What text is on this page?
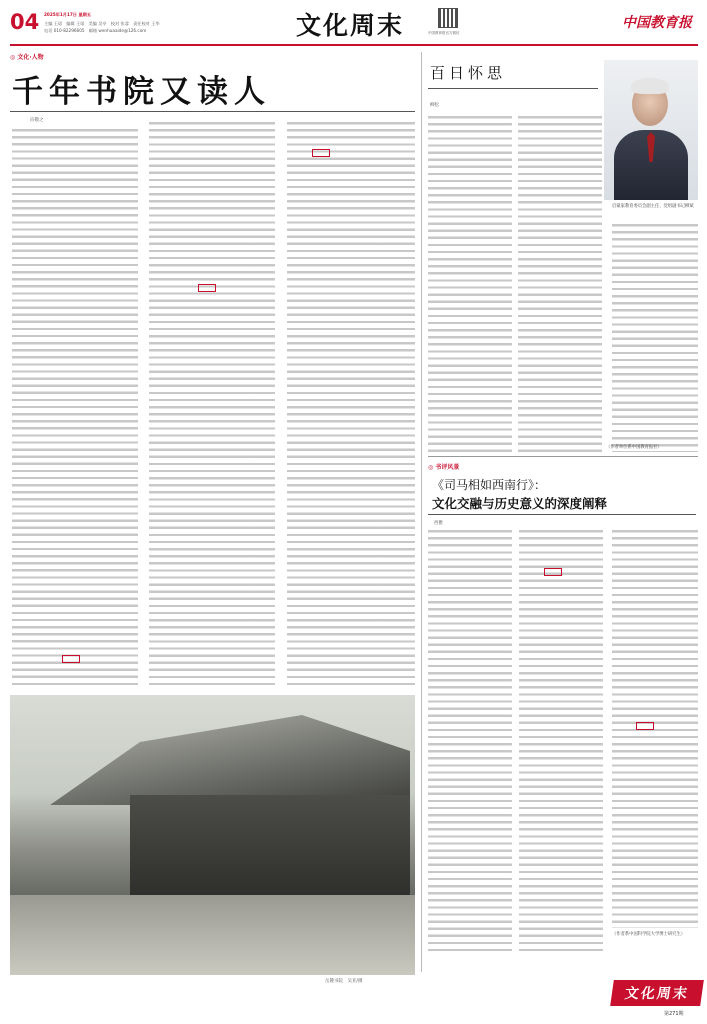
04 2025年1月17日 星期五
主编 王珺　编辑 王珺　美编 吴亭　校对 张睿　责任校对 王华
电话 010-82296605　邮箱 wenhuaaide@126.com	文化周末	中国教育报官方微信
中国教育报
◎ 文化·人物
千年书院又读人
向敬之
岳麓书院　吴亚/摄
百日怀思
柳松
启蒙家教育委员会副主任、党组副书记柳斌
（作者单位系中国教育报社）
◎ 书评风景
《司马相如西南行》：
文化交融与历史意义的深度阐释
西雅
（作者系中国科学院大学博士研究生）
文化周末
第271期
